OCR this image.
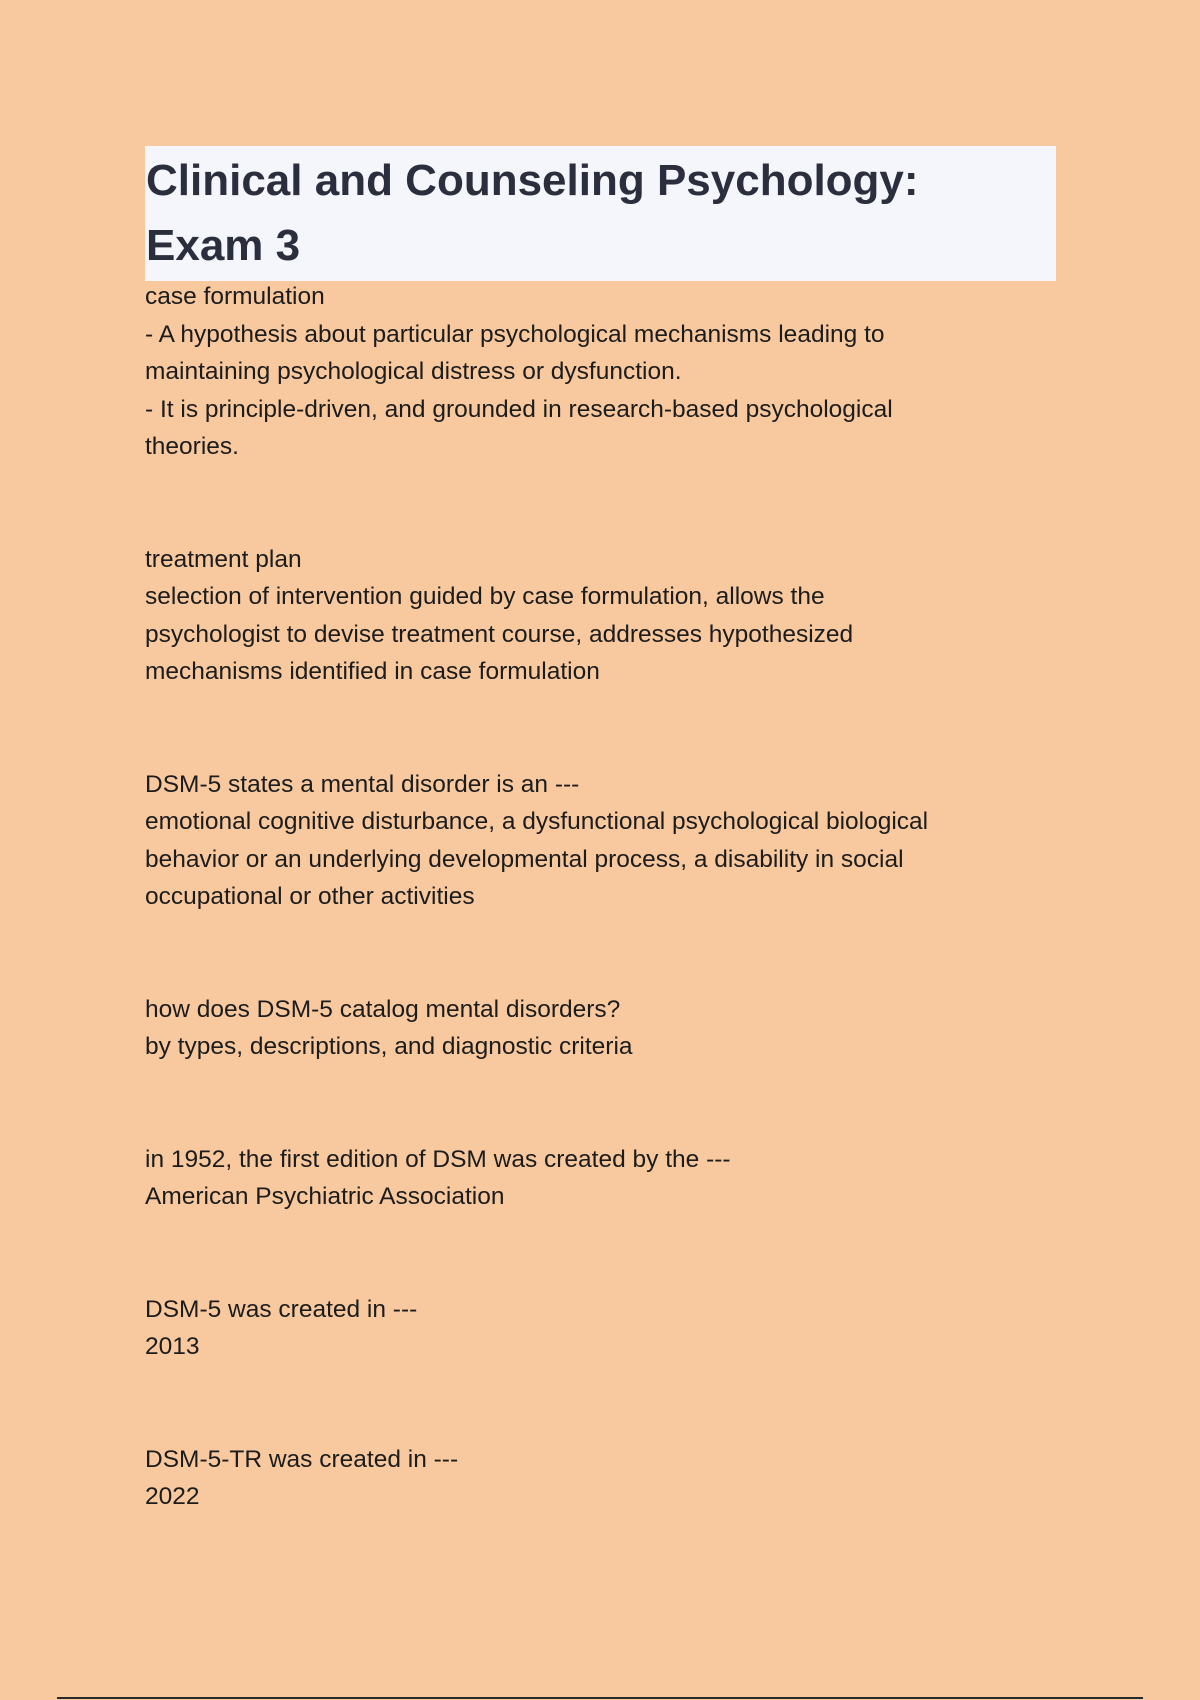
Clinical and Counseling Psychology:
Exam 3

case formulation

- A hypothesis about particular psychological mechanisms leading to
maintaining psychological distress or dysfunction.
- It is principle-driven, and grounded in research-based psychological
theories.

treatment plan

selection of intervention guided by case formulation, allows the
psychologist to devise treatment course, addresses hypothesized
mechanisms identified in case formulation

DSM-5 states a mental disorder is an ---

emotional cognitive disturbance, a dysfunctional psychological biological
behavior or an underlying developmental process, a disability in social
occupational or other activities

how does DSM-5 catalog mental disorders?

by types, descriptions, and diagnostic criteria

in 1952, the first edition of DSM was created by the ---

American Psychiatric Association

DSM-5 was created in ---

2013

DSM-5-TR was created in ---

2022
